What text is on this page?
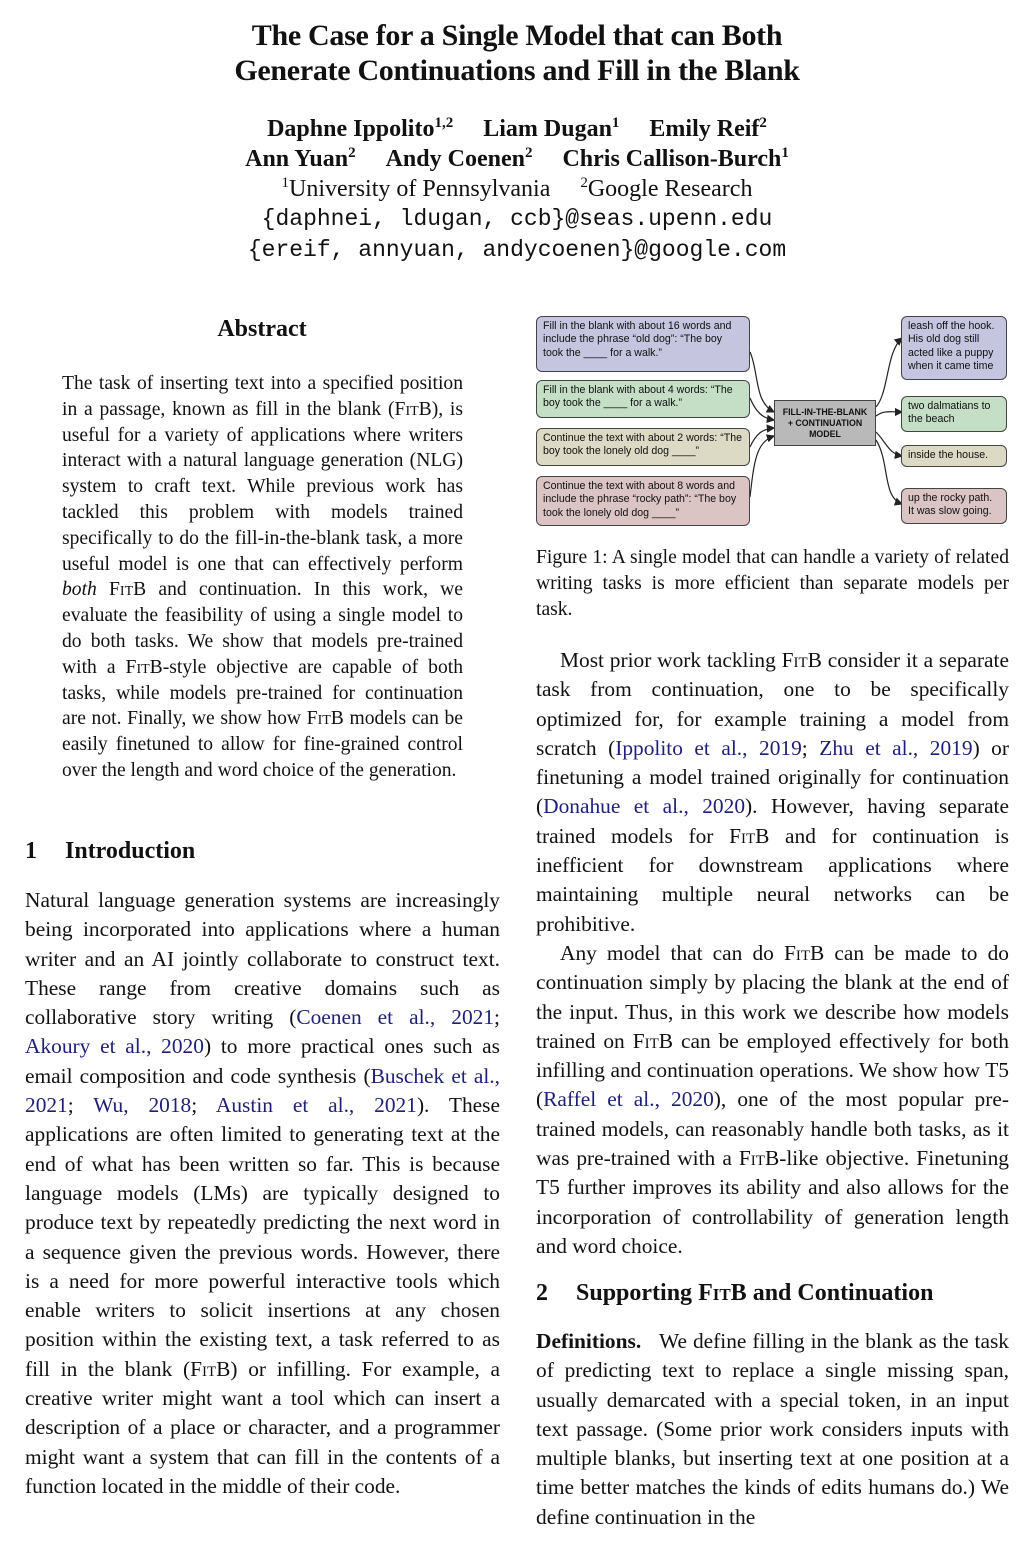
The Case for a Single Model that can Both
Generate Continuations and Fill in the Blank
Daphne Ippolito$^{1,2}$ Liam Dugan$^1$ Emily Reif$^2$
Ann Yuan$^2$ Andy Coenen$^2$ Chris Callison-Burch$^1$
$^1$University of Pennsylvania $^2$Google Research
{daphnei, ldugan, ccb}@seas.upenn.edu
{ereif, annyuan, andycoenen}@google.com
Abstract
The task of inserting text into a specified position in a passage, known as fill in the blank (FitB), is useful for a variety of applications where writers interact with a natural language generation (NLG) system to craft text. While previous work has tackled this problem with models trained specifically to do the fill-in-the-blank task, a more useful model is one that can effectively perform both FitB and continuation. In this work, we evaluate the feasibility of using a single model to do both tasks. We show that models pre-trained with a FitB-style objective are capable of both tasks, while models pre-trained for continuation are not. Finally, we show how FitB models can be easily finetuned to allow for fine-grained control over the length and word choice of the generation.
1 Introduction
Natural language generation systems are increasingly being incorporated into applications where a human writer and an AI jointly collaborate to construct text. These range from creative domains such as collaborative story writing (Coenen et al., 2021; Akoury et al., 2020) to more practical ones such as email composition and code synthesis (Buschek et al., 2021; Wu, 2018; Austin et al., 2021). These applications are often limited to generating text at the end of what has been written so far. This is because language models (LMs) are typically designed to produce text by repeatedly predicting the next word in a sequence given the previous words. However, there is a need for more powerful interactive tools which enable writers to solicit insertions at any chosen position within the existing text, a task referred to as fill in the blank (FitB) or infilling. For example, a creative writer might want a tool which can insert a description of a place or character, and a programmer might want a system that can fill in the contents of a function located in the middle of their code.
Fill in the blank with about 16 words and include the phrase “old dog”: “The boy took the ____ for a walk.”
Fill in the blank with about 4 words: “The boy took the ____ for a walk.”
Continue the text with about 2 words: “The boy took the lonely old dog ____”
Continue the text with about 8 words and include the phrase “rocky path”: “The boy took the lonely old dog ____”
FILL-IN-THE-BLANK
+ CONTINUATION
MODEL
leash off the hook. His old dog still acted like a puppy when it came time
two dalmatians to the beach
inside the house.
up the rocky path. It was slow going.
Figure 1: A single model that can handle a variety of related writing tasks is more efficient than separate models per task.

Most prior work tackling FitB consider it a separate task from continuation, one to be specifically optimized for, for example training a model from scratch (Ippolito et al., 2019; Zhu et al., 2019) or finetuning a model trained originally for continuation (Donahue et al., 2020). However, having separate trained models for FitB and for continuation is inefficient for downstream applications where maintaining multiple neural networks can be prohibitive.

Any model that can do FitB can be made to do continuation simply by placing the blank at the end of the input. Thus, in this work we describe how models trained on FitB can be employed effectively for both infilling and continuation operations. We show how T5 (Raffel et al., 2020), one of the most popular pre-trained models, can reasonably handle both tasks, as it was pre-trained with a FitB-like objective. Finetuning T5 further improves its ability and also allows for the incorporation of controllability of generation length and word choice.

2 Supporting FitB and Continuation
Definitions. We define filling in the blank as the task of predicting text to replace a single missing span, usually demarcated with a special token, in an input text passage. (Some prior work considers inputs with multiple blanks, but inserting text at one position at a time better matches the kinds of edits humans do.) We define continuation in the
